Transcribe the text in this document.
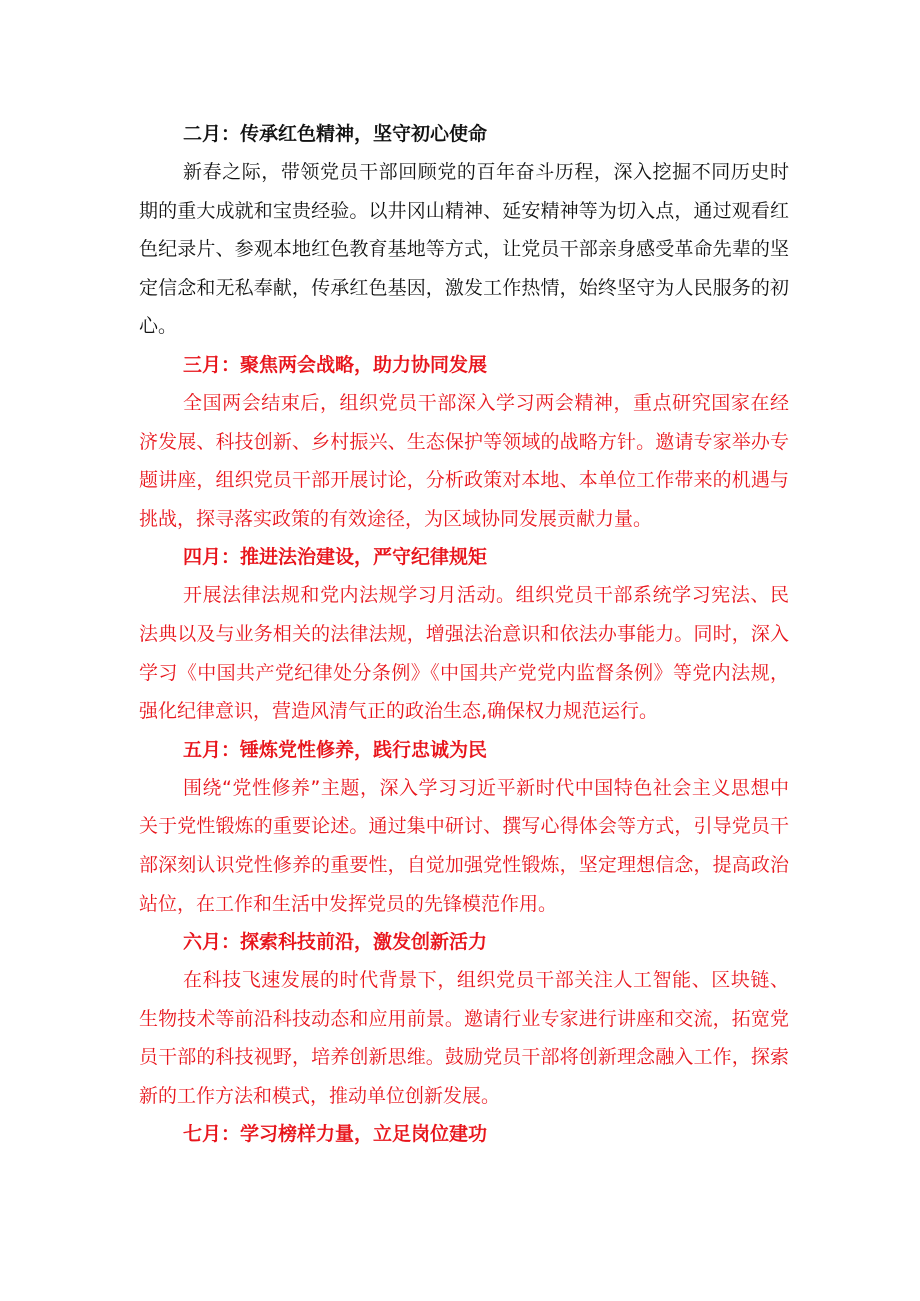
二月：传承红色精神，坚守初心使命

新春之际，带领党员干部回顾党的百年奋斗历程，深入挖掘不同历史时期的重大成就和宝贵经验。以井冈山精神、延安精神等为切入点，通过观看红色纪录片、参观本地红色教育基地等方式，让党员干部亲身感受革命先辈的坚定信念和无私奉献，传承红色基因，激发工作热情，始终坚守为人民服务的初心。

三月：聚焦两会战略，助力协同发展

全国两会结束后，组织党员干部深入学习两会精神，重点研究国家在经济发展、科技创新、乡村振兴、生态保护等领域的战略方针。邀请专家举办专题讲座，组织党员干部开展讨论，分析政策对本地、本单位工作带来的机遇与挑战，探寻落实政策的有效途径，为区域协同发展贡献力量。

四月：推进法治建设，严守纪律规矩

开展法律法规和党内法规学习月活动。组织党员干部系统学习宪法、民法典以及与业务相关的法律法规，增强法治意识和依法办事能力。同时，深入学习《中国共产党纪律处分条例》《中国共产党党内监督条例》等党内法规，强化纪律意识，营造风清气正的政治生态,确保权力规范运行。

五月：锤炼党性修养，践行忠诚为民

围绕“党性修养”主题，深入学习习近平新时代中国特色社会主义思想中关于党性锻炼的重要论述。通过集中研讨、撰写心得体会等方式，引导党员干部深刻认识党性修养的重要性，自觉加强党性锻炼，坚定理想信念，提高政治站位，在工作和生活中发挥党员的先锋模范作用。

六月：探索科技前沿，激发创新活力

在科技飞速发展的时代背景下，组织党员干部关注人工智能、区块链、生物技术等前沿科技动态和应用前景。邀请行业专家进行讲座和交流，拓宽党员干部的科技视野，培养创新思维。鼓励党员干部将创新理念融入工作，探索新的工作方法和模式，推动单位创新发展。

七月：学习榜样力量，立足岗位建功
